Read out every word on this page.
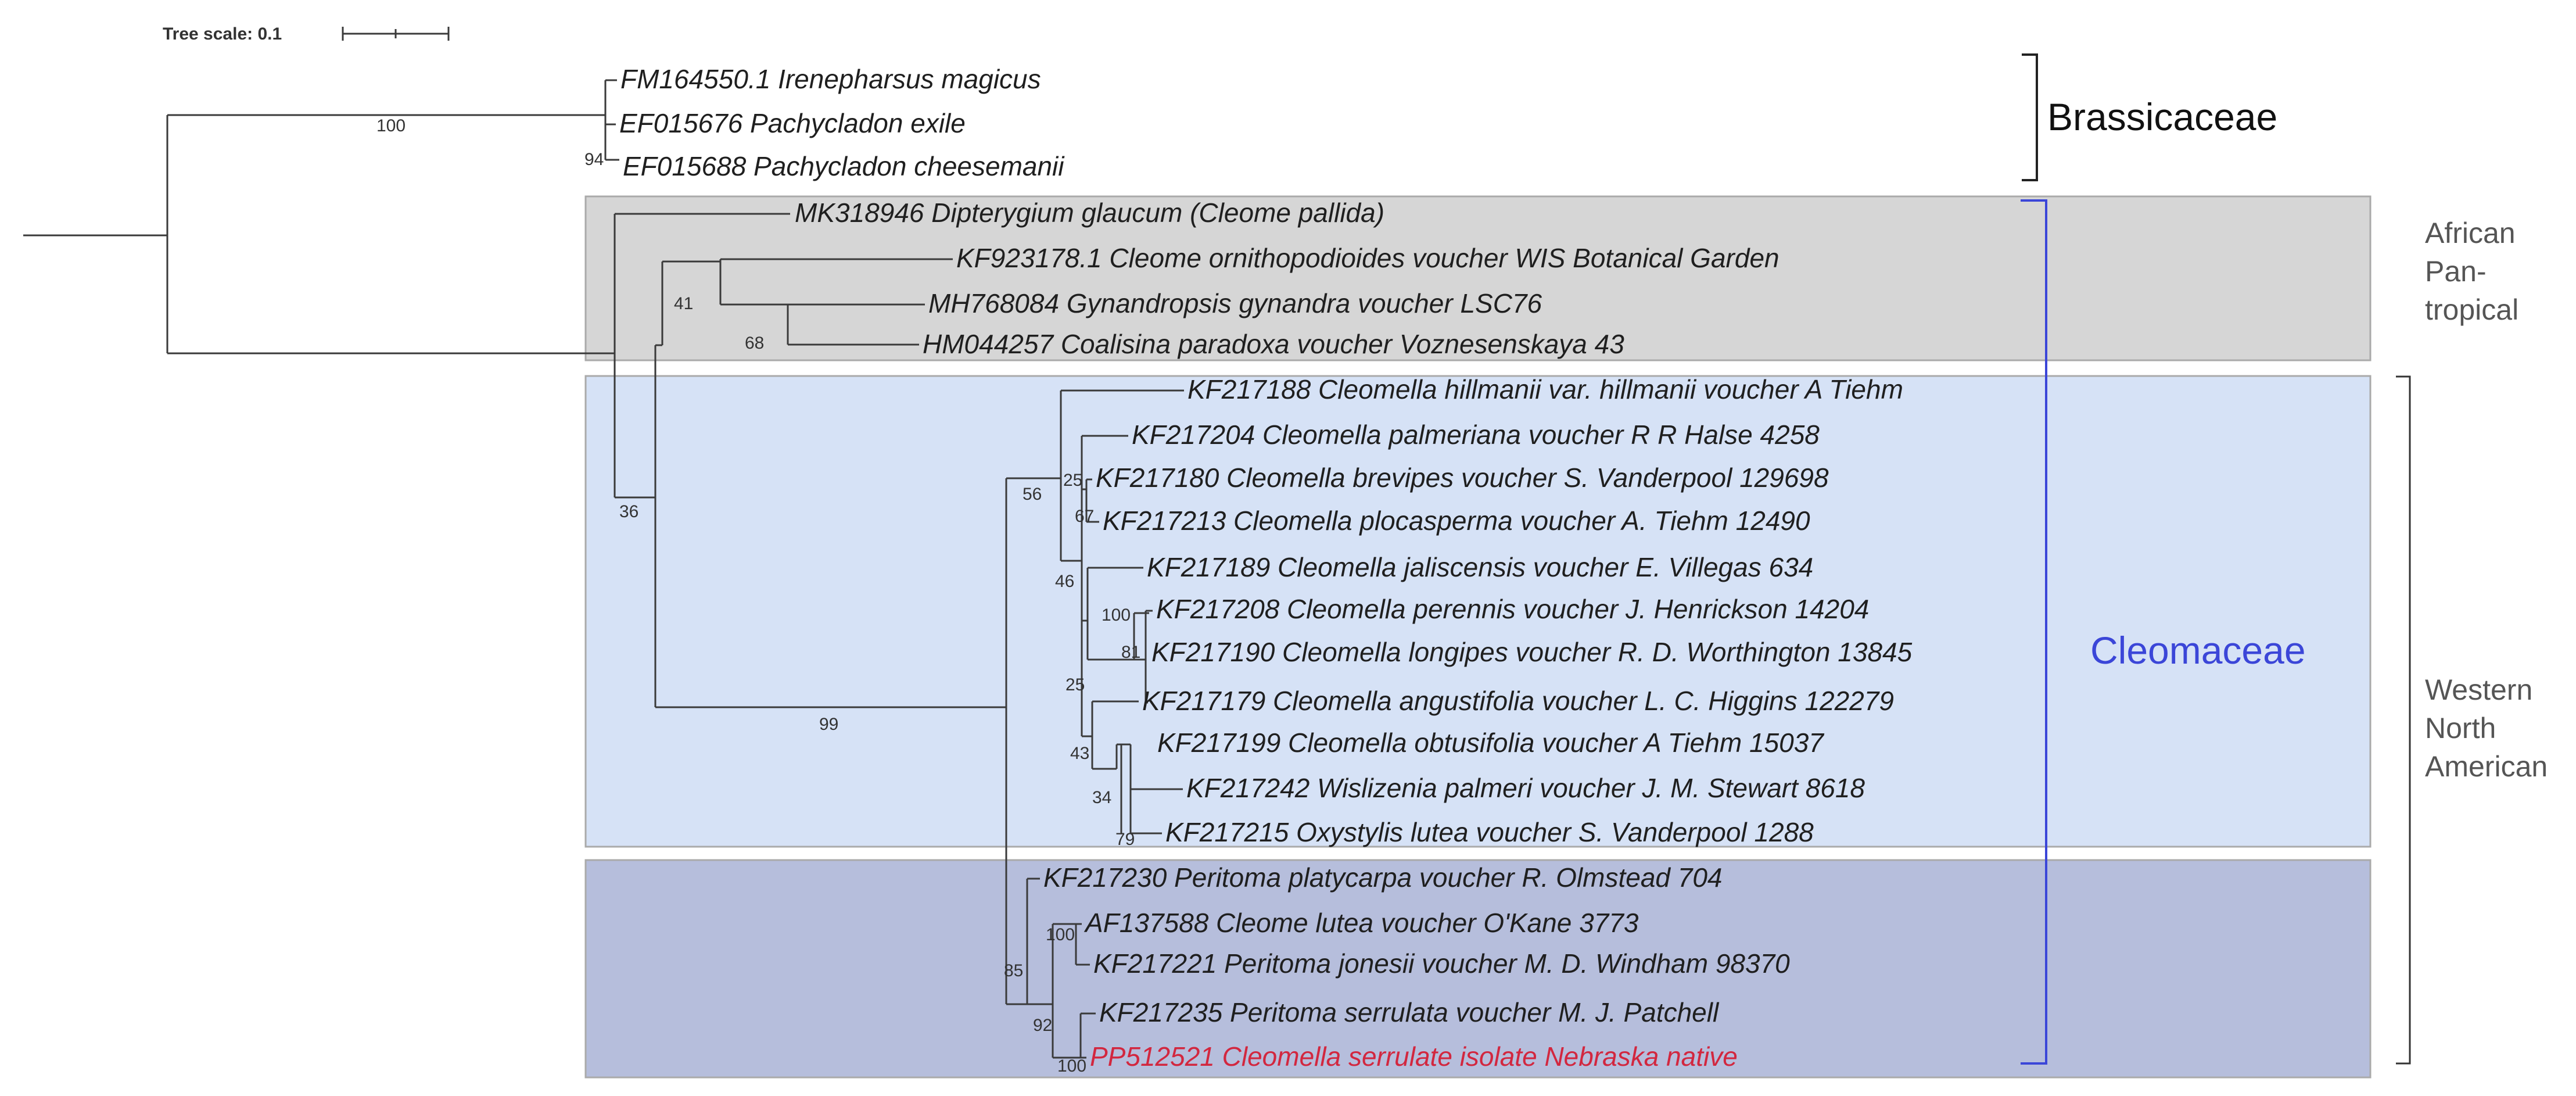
Tree scale: 0.1
FM164550.1 Irenepharsus magicus
EF015676 Pachycladon exile
EF015688 Pachycladon cheesemanii
MK318946 Dipterygium glaucum (Cleome pallida)
KF923178.1 Cleome ornithopodioides voucher WIS Botanical Garden
MH768084 Gynandropsis gynandra voucher LSC76
HM044257 Coalisina paradoxa voucher Voznesenskaya 43
KF217188 Cleomella hillmanii var. hillmanii voucher A Tiehm
KF217204 Cleomella palmeriana voucher R R Halse 4258
KF217180 Cleomella brevipes voucher S. Vanderpool 129698
KF217213 Cleomella plocasperma voucher A. Tiehm 12490
KF217189 Cleomella jaliscensis voucher E. Villegas 634
KF217208 Cleomella perennis voucher J. Henrickson 14204
KF217190 Cleomella longipes voucher R. D. Worthington 13845
KF217179 Cleomella angustifolia voucher L. C. Higgins 122279
KF217199 Cleomella obtusifolia voucher A Tiehm 15037
KF217242 Wislizenia palmeri voucher J. M. Stewart 8618
KF217215 Oxystylis lutea voucher S. Vanderpool 1288
KF217230 Peritoma platycarpa voucher R. Olmstead 704
AF137588 Cleome lutea voucher O'Kane 3773
KF217221 Peritoma jonesii voucher M. D. Windham 98370
KF217235 Peritoma serrulata voucher M. J. Patchell
PP512521 Cleomella serrulate isolate Nebraska native
100
94
41
68
36
99
56
25
67
46
100
81
25
43
34
79
85
100
92
100
Brassicaceae
Cleomaceae
African Pan- tropical
Western North American
